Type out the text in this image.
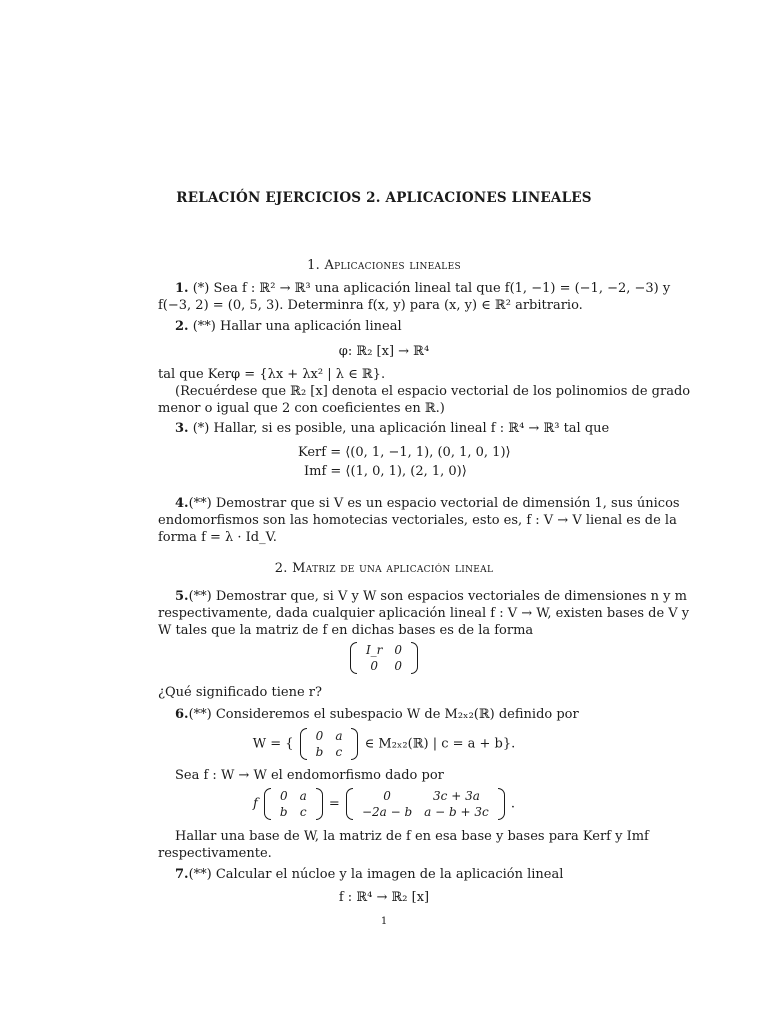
RELACIÓN EJERCICIOS 2. APLICACIONES LINEALES
1. Aplicaciones lineales
1. (*) Sea f : ℝ² → ℝ³ una aplicación lineal tal que f(1, −1) = (−1, −2, −3) y
f(−3, 2) = (0, 5, 3). Determinra f(x, y) para (x, y) ∈ ℝ² arbitrario.
2. (**) Hallar una aplicación lineal
φ: ℝ₂ [x] → ℝ⁴
tal que Kerφ = {λx + λx² | λ ∈ ℝ}.
(Recuérdese que ℝ₂ [x] denota el espacio vectorial de los polinomios de grado
menor o igual que 2 con coeficientes en ℝ.)
3. (*) Hallar, si es posible, una aplicación lineal f : ℝ⁴ → ℝ³ tal que
Kerf = ⟨(0, 1, −1, 1), (0, 1, 0, 1)⟩
Imf = ⟨(1, 0, 1), (2, 1, 0)⟩
4.(**) Demostrar que si V es un espacio vectorial de dimensión 1, sus únicos
endomorfismos son las homotecias vectoriales, esto es, f : V → V lienal es de la
forma f = λ · Id_V.
2. Matriz de una aplicación lineal
5.(**) Demostrar que, si V y W son espacios vectoriales de dimensiones n y m
respectivamente, dada cualquier aplicación lineal f : V → W, existen bases de V y
W tales que la matriz de f en dichas bases es de la forma
I_r	0
0	0
¿Qué significado tiene r?
6.(**) Consideremos el subespacio W de M₂ₓ₂(ℝ) definido por
W = {
0	a
b	c
∈ M₂ₓ₂(ℝ) | c = a + b}.
Sea f : W → W el endomorfismo dado por
f
0	a
b	c
=
0	3c + 3a
−2a − b	a − b + 3c
.
Hallar una base de W, la matriz de f en esa base y bases para Kerf y Imf
respectivamente.
7.(**) Calcular el núcloe y la imagen de la aplicación lineal
f : ℝ⁴ → ℝ₂ [x]
1
